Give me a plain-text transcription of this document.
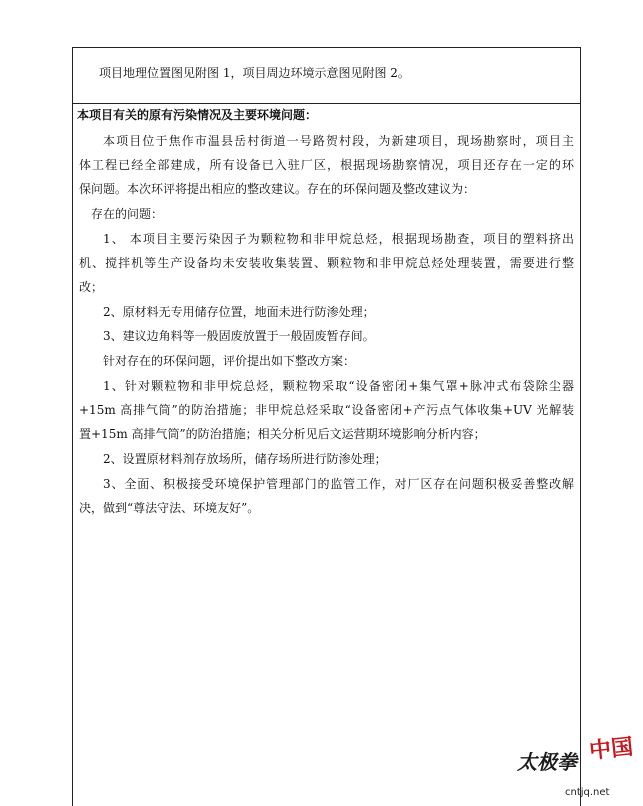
项目地理位置图见附图 1，项目周边环境示意图见附图 2。
本项目有关的原有污染情况及主要环境问题：
本项目位于焦作市温县岳村街道一号路贺村段，为新建项目，现场勘察时，项目主
体工程已经全部建成，所有设备已入驻厂区，根据现场勘察情况，项目还存在一定的环
保问题。本次环评将提出相应的整改建议。存在的环保问题及整改建议为：
存在的问题：
1、 本项目主要污染因子为颗粒物和非甲烷总烃，根据现场勘查，项目的塑料挤出
机、搅拌机等生产设备均未安装收集装置、颗粒物和非甲烷总烃处理装置，需要进行整
改；
2、原材料无专用储存位置，地面未进行防渗处理；
3、建议边角料等一般固废放置于一般固废暂存间。
针对存在的环保问题，评价提出如下整改方案：
1、针对颗粒物和非甲烷总烃，颗粒物采取“设备密闭+集气罩+脉冲式布袋除尘器
+15m 高排气筒”的防治措施；非甲烷总烃采取“设备密闭+产污点气体收集+UV 光解装
置+15m 高排气筒”的防治措施；相关分析见后文运营期环境影响分析内容；
2、设置原材料剂存放场所，储存场所进行防渗处理；
3、全面、积极接受环境保护管理部门的监管工作，对厂区存在问题积极妥善整改解
决，做到“尊法守法、环境友好”。
太极拳 中国
cntjq.net
